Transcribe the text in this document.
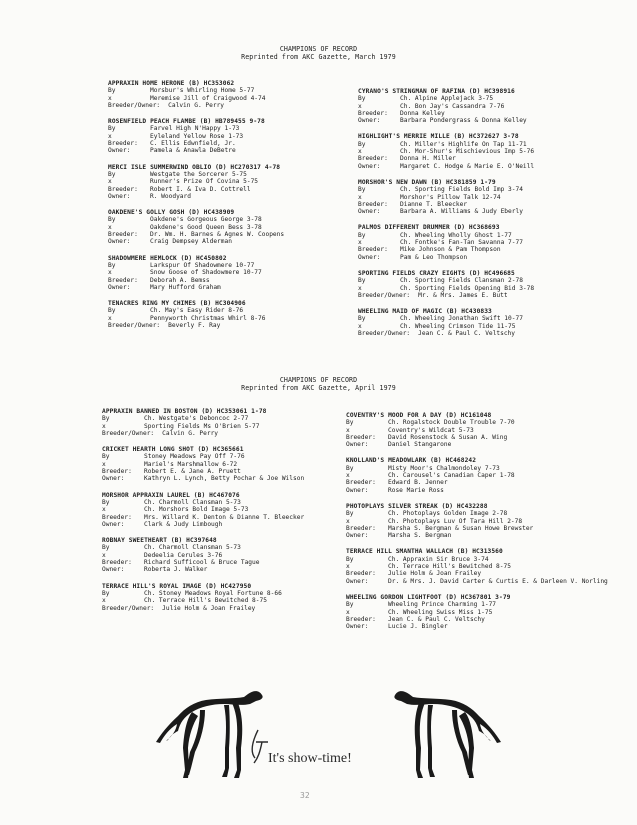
CHAMPIONS OF RECORD
Reprinted from AKC Gazette, March 1979
APPRAXIN HOME HERONE (B) HC353062
By	Morsbur's Whirling Home 5-77
x	Meremise Jill of Craigwood 4-74
Breeder/Owner: Calvin G. Perry
ROSENFIELD PEACH FLAMBE (B) HB789455 9-78
By	Farvel High N'Happy 1-73
x	Eyleland Yellow Rose 1-73
Breeder:	C. Ellis Edwnfield, Jr.
Owner:	Pamela & Anawla DeBetre
MERCI ISLE SUMMERWIND OBLIO (D) HC270317 4-78
By	Westgate the Sorcerer 5-75
x	Runner's Prize Of Covina 5-75
Breeder:	Robert I. & Iva D. Cottrell
Owner:	R. Woodyard
OAKDENE'S GOLLY GOSH (D) HC438909
By	Oakdene's Gorgeous George 3-78
x	Oakdene's Good Queen Bess 3-78
Breeder:	Dr. Wm. H. Barnes & Agnes W. Coopens
Owner:	Craig Dempsey Alderman
SHADOWMERE HEMLOCK (D) HC450802
By	Larkspur Of Shadowmere 10-77
x	Snow Goose of Shadowmere 10-77
Breeder:	Deborah A. Bemss
Owner:	Mary Hufford Graham
TENACRES RING MY CHIMES (B) HC304906
By	Ch. May's Easy Rider 8-76
x	Pennyworth Christmas Whirl 8-76
Breeder/Owner: Beverly F. Ray
CYRANO'S STRINGMAN OF RAFINA (D) HC398916
By	Ch. Alpine Applejack 3-75
x	Ch. Bon Jay's Cassandra 7-76
Breeder:	Donna Kelley
Owner:	Barbara Pondergrass & Donna Kelley
HIGHLIGHT'S MERRIE MILLE (B) HC372627 3-78
By	Ch. Miller's Highlife On Tap 11-71
x	Ch. Mor-Shur's Mischievious Imp 5-76
Breeder:	Donna H. Miller
Owner:	Margaret C. Hodge & Marie E. O'Neill
MORSHOR'S NEW DAWN (B) HC381859 1-79
By	Ch. Sporting Fields Bold Imp 3-74
x	Morshor's Pillow Talk 12-74
Breeder:	Dianne T. Bleecker
Owner:	Barbara A. Williams & Judy Eberly
PALMOS DIFFERENT DRUMMER (D) HC368693
By	Ch. Wheeling Wholly Ghost 1-77
x	Ch. Fontke's Fan-Tan Savanna 7-77
Breeder:	Mike Johnson & Pam Thompson
Owner:	Pam & Leo Thompson
SPORTING FIELDS CRAZY EIGHTS (D) HC496685
By	Ch. Sporting Fields Clansman 2-78
x	Ch. Sporting Fields Opening Bid 3-78
Breeder/Owner: Mr. & Mrs. James E. Butt
WHEELING MAID OF MAGIC (B) HC430833
By	Ch. Wheeling Jonathan Swift 10-77
x	Ch. Wheeling Crimson Tide 11-75
Breeder/Owner: Jean C. & Paul C. Veltschy
CHAMPIONS OF RECORD
Reprinted from AKC Gazette, April 1979
APPRAXIN BANNED IN BOSTON (D) HC353061 1-78
By	Ch. Westgate's Deboncoc 2-77
x	Sporting Fields Ms O'Brien 5-77
Breeder/Owner: Calvin G. Perry
CRICKET HEARTH LONG SHOT (D) HC365661
By	Stoney Meadows Pay Off 7-76
x	Mariel's Marshmallow 6-72
Breeder:	Robert E. & Jane A. Pruett
Owner:	Kathryn L. Lynch, Betty Pochar & Joe Wilson
MORSHOR APPRAXIN LAUREL (B) HC467076
By	Ch. Charmoll Clansman 5-73
x	Ch. Morshors Bold Image 5-73
Breeder:	Mrs. Willard K. Denton & Dianne T. Bleecker
Owner:	Clark & Judy Limbough
ROBNAY SWEETHEART (B) HC397648
By	Ch. Charmoll Clansman 5-73
x	Dedeelia Cerules 3-76
Breeder:	Richard Sufficool & Bruce Tague
Owner:	Roberta J. Walker
TERRACE HILL'S ROYAL IMAGE (D) HC427950
By	Ch. Stoney Meadows Royal Fortune 8-66
x	Ch. Terrace Hill's Bewitched 8-75
Breeder/Owner: Julie Holm & Joan Frailey
COVENTRY'S MOOD FOR A DAY (D) HC161048
By	Ch. Rogalstock Double Trouble 7-70
x	Coventry's Wildcat 5-73
Breeder:	David Rosenstock & Susan A. Wing
Owner:	Daniel Stangarone
KNOLLAND'S MEADOWLARK (B) HC468242
By	Misty Moor's Chalmondoley 7-73
x	Ch. Carousel's Canadian Caper 1-78
Breeder:	Edward B. Jenner
Owner:	Rose Marie Ross
PHOTOPLAYS SILVER STREAK (D) HC432288
By	Ch. Photoplays Golden Image 2-78
x	Ch. Photoplays Luv Of Tara Hill 2-78
Breeder:	Marsha S. Bergman & Susan Howe Brewster
Owner:	Marsha S. Bergman
TERRACE HILL SMANTHA WALLACH (B) HC313560
By	Ch. Appraxin Sir Bruce 3-74
x	Ch. Terrace Hill's Bewitched 8-75
Breeder:	Julie Holm & Joan Frailey
Owner:	Dr. & Mrs. J. David Carter & Curtis E. & Darleen V. Norling
WHEELING GORDON LIGHTFOOT (D) HC367801 3-79
By	Wheeling Prince Charming 1-77
x	Ch. Wheeling Swiss Miss 1-75
Breeder:	Jean C. & Paul C. Veltschy
Owner:	Lucie J. Bingler
It's show-time!
32
